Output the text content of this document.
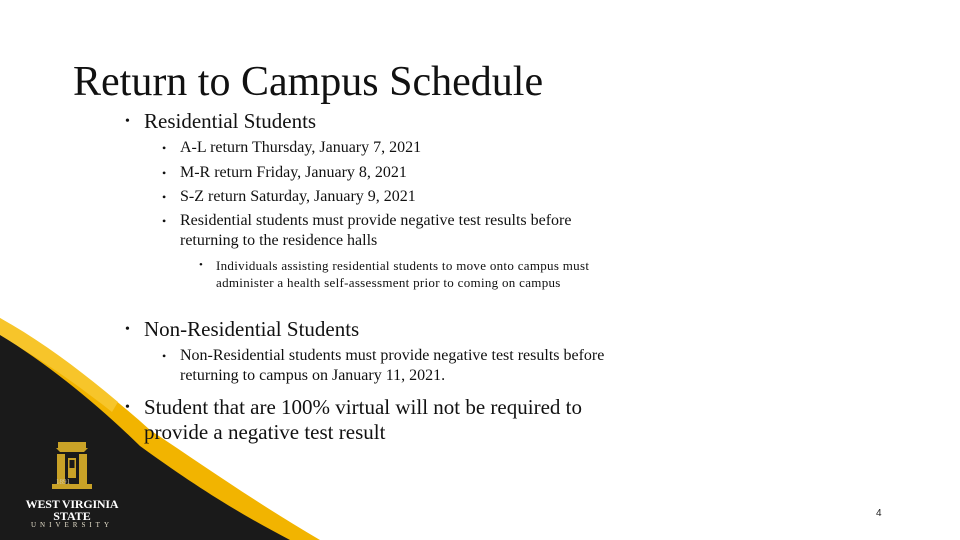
Return to Campus Schedule
• Residential Students
• A-L return Thursday, January 7, 2021
• M-R return Friday, January 8, 2021
• S-Z return Saturday, January 9, 2021
• Residential students must provide negative test results before returning to the residence halls
• Individuals assisting residential students to move onto campus must administer a health self-assessment prior to coming on campus
• Non-Residential Students
• Non-Residential students must provide negative test results before returning to campus on January 11, 2021.
• Student that are 100% virtual will not be required to provide a negative test result
1891
WEST VIRGINIA
STATE
UNIVERSITY
4
